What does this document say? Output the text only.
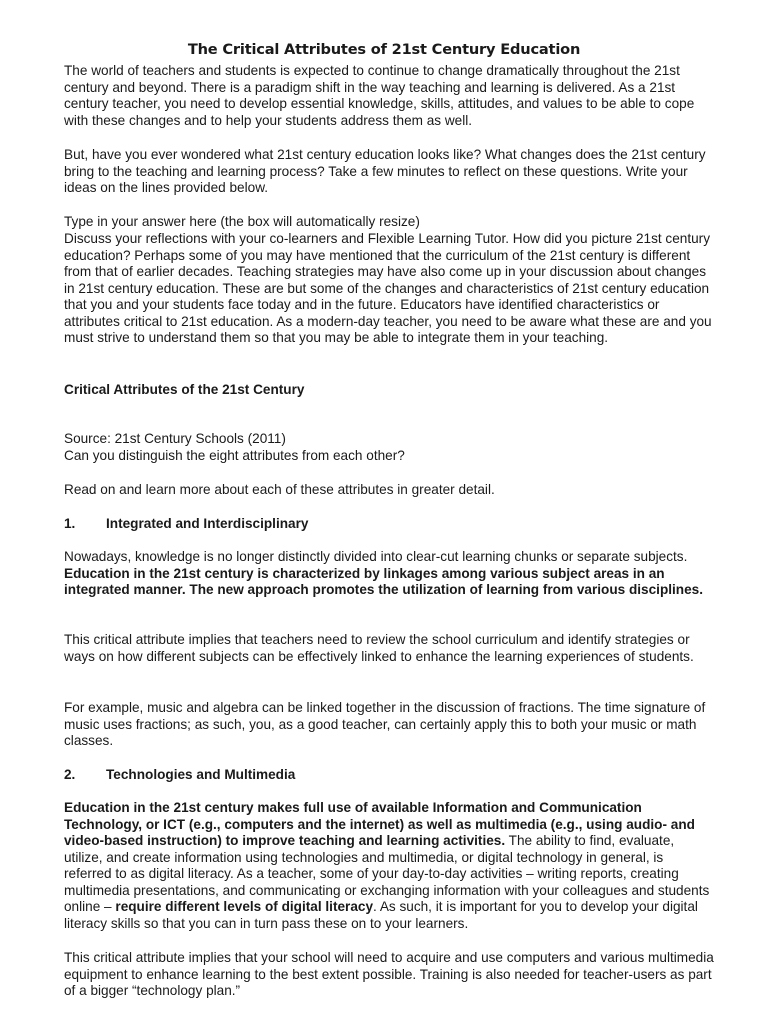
The Critical Attributes of 21st Century Education

The world of teachers and students is expected to continue to change dramatically throughout the 21st century and beyond. There is a paradigm shift in the way teaching and learning is delivered. As a 21st century teacher, you need to develop essential knowledge, skills, attitudes, and values to be able to cope with these changes and to help your students address them as well.

But, have you ever wondered what 21st century education looks like? What changes does the 21st century bring to the teaching and learning process? Take a few minutes to reflect on these questions. Write your ideas on the lines provided below.

Type in your answer here (the box will automatically resize)

Discuss your reflections with your co-learners and Flexible Learning Tutor. How did you picture 21st century education? Perhaps some of you may have mentioned that the curriculum of the 21st century is different from that of earlier decades. Teaching strategies may have also come up in your discussion about changes in 21st century education. These are but some of the changes and characteristics of 21st century education that you and your students face today and in the future. Educators have identified characteristics or attributes critical to 21st education. As a modern-day teacher, you need to be aware what these are and you must strive to understand them so that you may be able to integrate them in your teaching.

Critical Attributes of the 21st Century

Source: 21st Century Schools (2011)

Can you distinguish the eight attributes from each other?

Read on and learn more about each of these attributes in greater detail.

1. Integrated and Interdisciplinary

Nowadays, knowledge is no longer distinctly divided into clear-cut learning chunks or separate subjects. Education in the 21st century is characterized by linkages among various subject areas in an integrated manner. The new approach promotes the utilization of learning from various disciplines.

This critical attribute implies that teachers need to review the school curriculum and identify strategies or ways on how different subjects can be effectively linked to enhance the learning experiences of students.

For example, music and algebra can be linked together in the discussion of fractions. The time signature of music uses fractions; as such, you, as a good teacher, can certainly apply this to both your music or math classes.

2. Technologies and Multimedia

Education in the 21st century makes full use of available Information and Communication Technology, or ICT (e.g., computers and the internet) as well as multimedia (e.g., using audio- and video-based instruction) to improve teaching and learning activities. The ability to find, evaluate, utilize, and create information using technologies and multimedia, or digital technology in general, is referred to as digital literacy. As a teacher, some of your day-to-day activities – writing reports, creating multimedia presentations, and communicating or exchanging information with your colleagues and students online – require different levels of digital literacy. As such, it is important for you to develop your digital literacy skills so that you can in turn pass these on to your learners.

This critical attribute implies that your school will need to acquire and use computers and various multimedia equipment to enhance learning to the best extent possible. Training is also needed for teacher-users as part of a bigger “technology plan.”
